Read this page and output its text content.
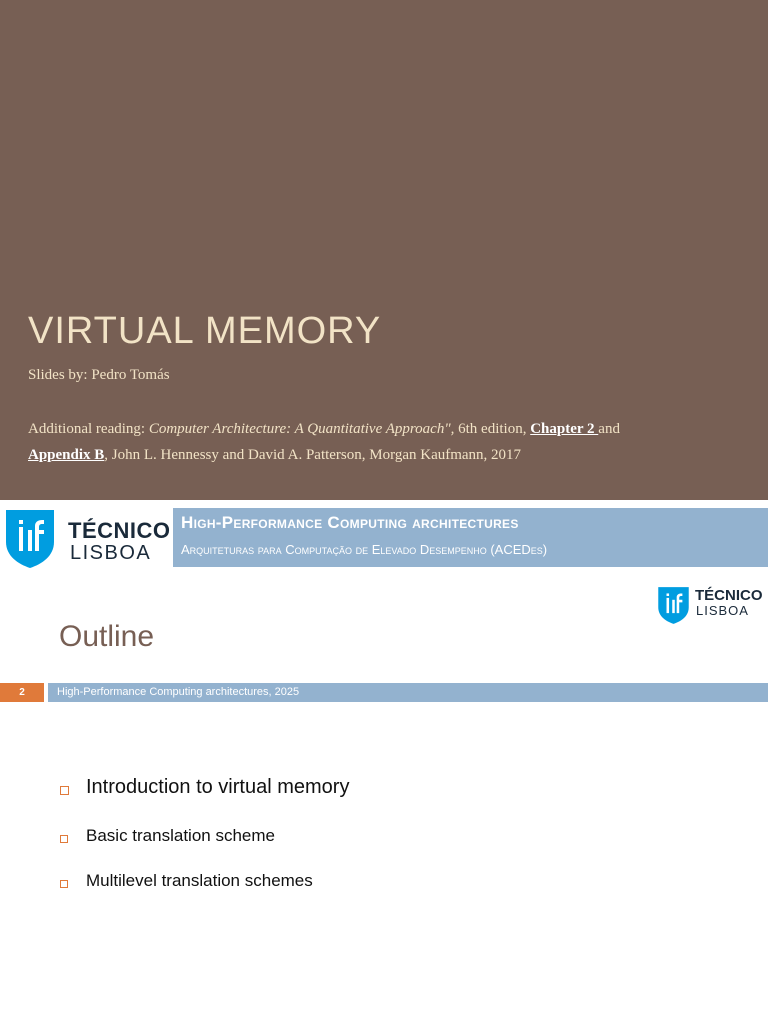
VIRTUAL MEMORY
Slides by: Pedro Tomás

Additional reading: Computer Architecture: A Quantitative Approach", 6th edition, Chapter 2 and
Appendix B, John L. Hennessy and David A. Patterson, Morgan Kaufmann, 2017

TÉCNICO
LISBOA
High-Performance Computing architectures
Arquiteturas para Computação de Elevado Desempenho (ACEDes)
TÉCNICO
LISBOA
Outline
2	High-Performance Computing architectures, 2025
Introduction to virtual memory
Basic translation scheme
Multilevel translation schemes
